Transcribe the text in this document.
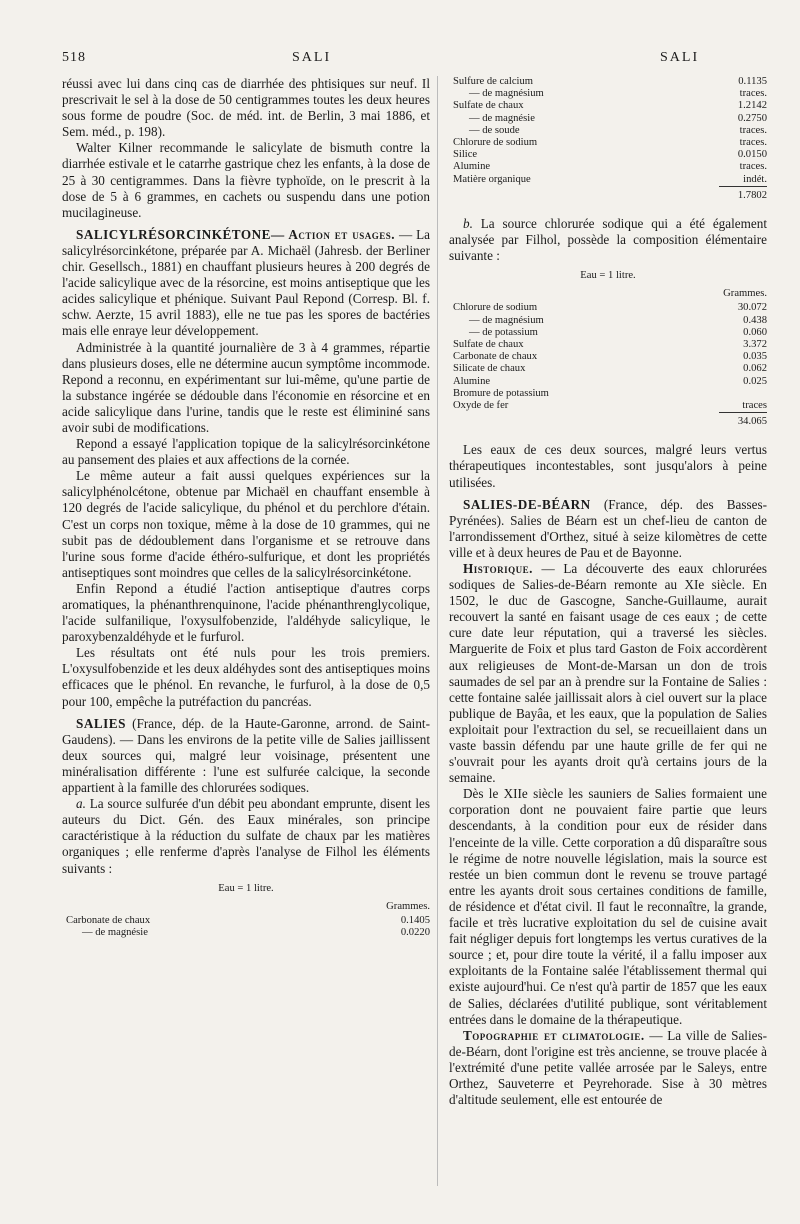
518	SALI	SALI

réussi avec lui dans cinq cas de diarrhée des phtisiques sur neuf. Il prescrivait le sel à la dose de 50 centigrammes toutes les deux heures sous forme de poudre (Soc. de méd. int. de Berlin, 3 mai 1886, et Sem. méd., p. 198).

Walter Kilner recommande le salicylate de bismuth contre la diarrhée estivale et le catarrhe gastrique chez les enfants, à la dose de 25 à 30 centigrammes. Dans la fièvre typhoïde, on le prescrit à la dose de 5 à 6 grammes, en cachets ou suspendu dans une potion mucilagineuse.

SALICYLRÉSORCINKÉTONE— Action et usages. — La salicylrésorcinkétone, préparée par A. Michaël (Jahresb. der Berliner chir. Gesellsch., 1881) en chauffant plusieurs heures à 200 degrés de l'acide salicylique avec de la résorcine, est moins antiseptique que les acides salicylique et phénique. Suivant Paul Repond (Corresp. Bl. f. schw. Aerzte, 15 avril 1883), elle ne tue pas les spores de bactéries mais elle enraye leur développement.

Administrée à la quantité journalière de 3 à 4 grammes, répartie dans plusieurs doses, elle ne détermine aucun symptôme incommode. Repond a reconnu, en expérimentant sur lui-même, qu'une partie de la substance ingérée se dédouble dans l'économie en résorcine et en acide salicylique dans l'urine, tandis que le reste est élimininé sans avoir subi de modifications.

Repond a essayé l'application topique de la salicylrésorcinkétone au pansement des plaies et aux affections de la cornée.

Le même auteur a fait aussi quelques expériences sur la salicylphénolcétone, obtenue par Michaël en chauffant ensemble à 120 degrés de l'acide salicylique, du phénol et du perchlore d'étain. C'est un corps non toxique, même à la dose de 10 grammes, qui ne subit pas de dédoublement dans l'organisme et se retrouve dans l'urine sous forme d'acide éthéro-sulfurique, et dont les propriétés antiseptiques sont moindres que celles de la salicylrésorcinkétone.

Enfin Repond a étudié l'action antiseptique d'autres corps aromatiques, la phénanthrenquinone, l'acide phénanthrenglycolique, l'acide sulfanilique, l'oxysulfobenzide, l'aldéhyde salicylique, le paroxybenzaldéhyde et le furfurol.

Les résultats ont été nuls pour les trois premiers. L'oxysulfobenzide et les deux aldéhydes sont des antiseptiques moins efficaces que le phénol. En revanche, le furfurol, à la dose de 0,5 pour 100, empêche la putréfaction du pancréas.

SALIES (France, dép. de la Haute-Garonne, arrond. de Saint-Gaudens). — Dans les environs de la petite ville de Salies jaillissent deux sources qui, malgré leur voisinage, présentent une minéralisation différente : l'une est sulfurée calcique, la seconde appartient à la famille des chlorurées sodiques.

a. La source sulfurée d'un débit peu abondant emprunte, disent les auteurs du Dict. Gén. des Eaux minérales, son principe caractéristique à la réduction du sulfate de chaux par les matières organiques ; elle renferme d'après l'analyse de Filhol les éléments suivants :

Eau = 1 litre.
Grammes.
Carbonate de chaux	0.1405
— de magnésie	0.0220
Sulfure de calcium	0.1135
— de magnésium	traces.
Sulfate de chaux	1.2142
— de magnésie	0.2750
— de soude	traces.
Chlorure de sodium	traces.
Silice	0.0150
Alumine	traces.
Matière organique	indét.
1.7802

b. La source chlorurée sodique qui a été également analysée par Filhol, possède la composition élémentaire suivante :

Eau = 1 litre.
Grammes.
Chlorure de sodium	30.072
— de magnésium	0.438
— de potassium	0.060
Sulfate de chaux	3.372
Carbonate de chaux	0.035
Silicate de chaux	0.062
Alumine	0.025
Bromure de potassium	
Oxyde de fer	traces
34.065

Les eaux de ces deux sources, malgré leurs vertus thérapeutiques incontestables, sont jusqu'alors à peine utilisées.

SALIES-DE-BÉARN (France, dép. des Basses-Pyrénées). Salies de Béarn est un chef-lieu de canton de l'arrondissement d'Orthez, situé à seize kilomètres de cette ville et à deux heures de Pau et de Bayonne.

Historique. — La découverte des eaux chlorurées sodiques de Salies-de-Béarn remonte au XIe siècle. En 1502, le duc de Gascogne, Sanche-Guillaume, aurait recouvert la santé en faisant usage de ces eaux ; de cette cure date leur réputation, qui a traversé les siècles. Marguerite de Foix et plus tard Gaston de Foix accordèrent aux religieuses de Mont-de-Marsan un don de trois saumades de sel par an à prendre sur la Fontaine de Salies : cette fontaine salée jaillissait alors à ciel ouvert sur la place publique de Bayâa, et les eaux, que la population de Salies exploitait pour l'extraction du sel, se recueillaient dans un vaste bassin défendu par une haute grille de fer qui ne s'ouvrait pour les ayants droit qu'à certains jours de la semaine.

Dès le XIIe siècle les sauniers de Salies formaient une corporation dont ne pouvaient faire partie que leurs descendants, à la condition pour eux de résider dans l'enceinte de la ville. Cette corporation a dû disparaître sous le régime de notre nouvelle législation, mais la source est restée un bien commun dont le revenu se trouve partagé entre les ayants droit sous certaines conditions de famille, de résidence et d'état civil. Il faut le reconnaître, la grande, facile et très lucrative exploitation du sel de cuisine avait fait négliger depuis fort longtemps les vertus curatives de la source ; et, pour dire toute la vérité, il a fallu imposer aux exploitants de la Fontaine salée l'établissement thermal qui existe aujourd'hui. Ce n'est qu'à partir de 1857 que les eaux de Salies, déclarées d'utilité publique, sont véritablement entrées dans le domaine de la thérapeutique.

Topographie et climatologie. — La ville de Salies-de-Béarn, dont l'origine est très ancienne, se trouve placée à l'extrémité d'une petite vallée arrosée par le Saleys, entre Orthez, Sauveterre et Peyrehorade. Sise à 30 mètres d'altitude seulement, elle est entourée de
